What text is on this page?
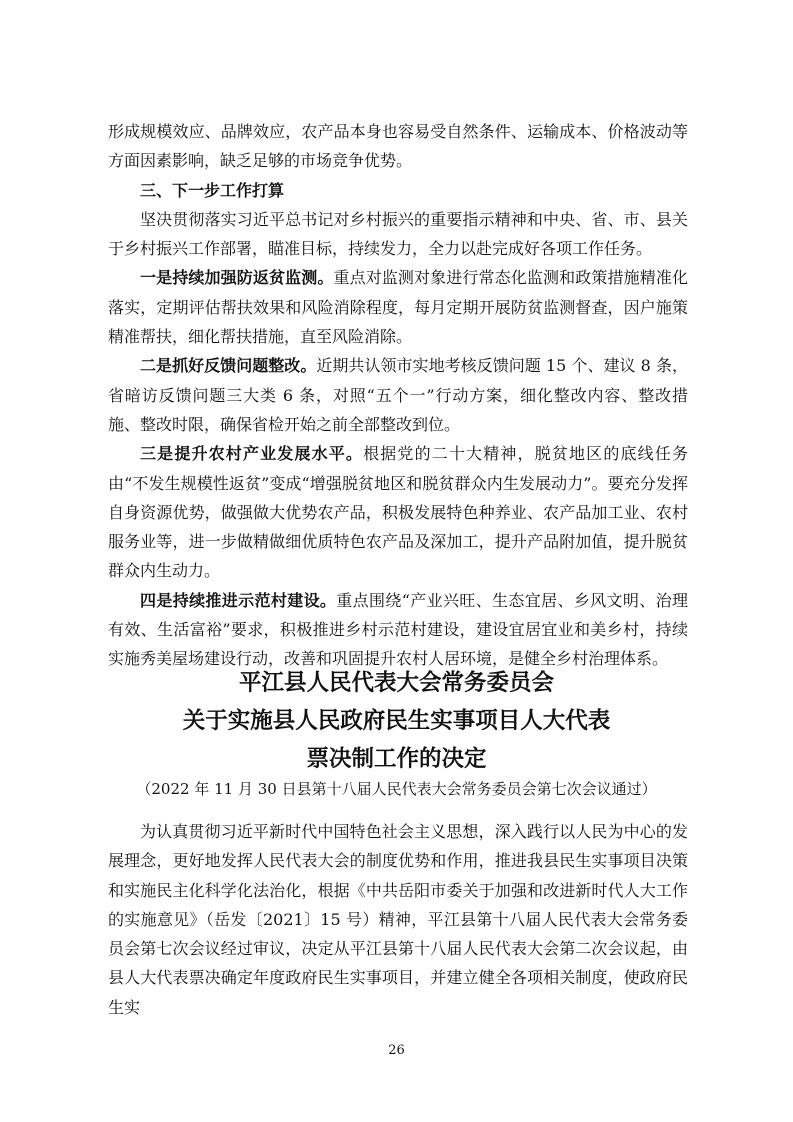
形成规模效应、品牌效应，农产品本身也容易受自然条件、运输成本、价格波动等方面因素影响，缺乏足够的市场竞争优势。

三、下一步工作打算

坚决贯彻落实习近平总书记对乡村振兴的重要指示精神和中央、省、市、县关于乡村振兴工作部署，瞄准目标，持续发力，全力以赴完成好各项工作任务。

一是持续加强防返贫监测。重点对监测对象进行常态化监测和政策措施精准化落实，定期评估帮扶效果和风险消除程度，每月定期开展防贫监测督查，因户施策精准帮扶，细化帮扶措施，直至风险消除。

二是抓好反馈问题整改。近期共认领市实地考核反馈问题 15 个、建议 8 条，省暗访反馈问题三大类 6 条，对照“五个一”行动方案，细化整改内容、整改措施、整改时限，确保省检开始之前全部整改到位。

三是提升农村产业发展水平。根据党的二十大精神，脱贫地区的底线任务由“不发生规模性返贫”变成“增强脱贫地区和脱贫群众内生发展动力”。要充分发挥自身资源优势，做强做大优势农产品，积极发展特色种养业、农产品加工业、农村服务业等，进一步做精做细优质特色农产品及深加工，提升产品附加值，提升脱贫群众内生动力。

四是持续推进示范村建设。重点围绕“产业兴旺、生态宜居、乡风文明、治理有效、生活富裕”要求，积极推进乡村示范村建设，建设宜居宜业和美乡村，持续实施秀美屋场建设行动，改善和巩固提升农村人居环境，是健全乡村治理体系。

平江县人民代表大会常务委员会
关于实施县人民政府民生实事项目人大代表
票决制工作的决定
（2022 年 11 月 30 日县第十八届人民代表大会常务委员会第七次会议通过）

为认真贯彻习近平新时代中国特色社会主义思想，深入践行以人民为中心的发展理念，更好地发挥人民代表大会的制度优势和作用，推进我县民生实事项目决策和实施民主化科学化法治化，根据《中共岳阳市委关于加强和改进新时代人大工作的实施意见》（岳发〔2021〕15 号）精神，平江县第十八届人民代表大会常务委员会第七次会议经过审议，决定从平江县第十八届人民代表大会第二次会议起，由县人大代表票决确定年度政府民生实事项目，并建立健全各项相关制度，使政府民生实

26
